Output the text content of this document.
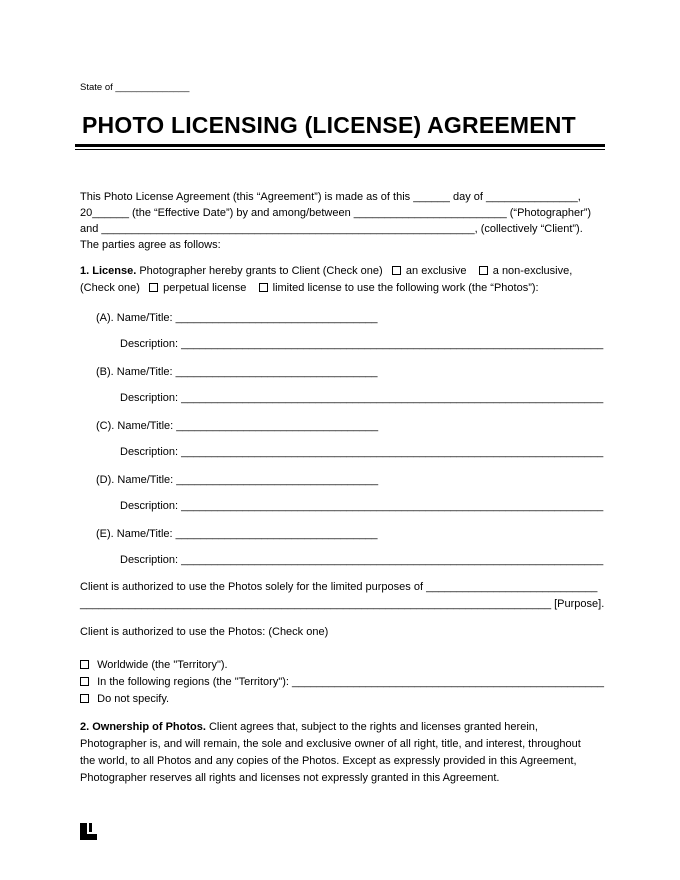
State of ______________
PHOTO LICENSING (LICENSE) AGREEMENT
This Photo License Agreement (this “Agreement”) is made as of this ______ day of _______________,
20______ (the “Effective Date”) by and among/between _________________________ (“Photographer”)
and _____________________________________________________________, (collectively “Client”).
The parties agree as follows:
1. License. Photographer hereby grants to Client (Check one) an exclusive a non-exclusive,
(Check one) perpetual license limited license to use the following work (the “Photos”):
(A). Name/Title: _________________________________
Description: _____________________________________________________________________
(B). Name/Title: _________________________________
Description: _____________________________________________________________________
(C). Name/Title: _________________________________
Description: _____________________________________________________________________
(D). Name/Title: _________________________________
Description: _____________________________________________________________________
(E). Name/Title: _________________________________
Description: _____________________________________________________________________
Client is authorized to use the Photos solely for the limited purposes of ____________________________
_____________________________________________________________________________ [Purpose].
Client is authorized to use the Photos: (Check one)
Worldwide (the "Territory").
In the following regions (the "Territory"): ___________________________________________________
Do not specify.
2. Ownership of Photos. Client agrees that, subject to the rights and licenses granted herein,
Photographer is, and will remain, the sole and exclusive owner of all right, title, and interest, throughout
the world, to all Photos and any copies of the Photos. Except as expressly provided in this Agreement,
Photographer reserves all rights and licenses not expressly granted in this Agreement.
